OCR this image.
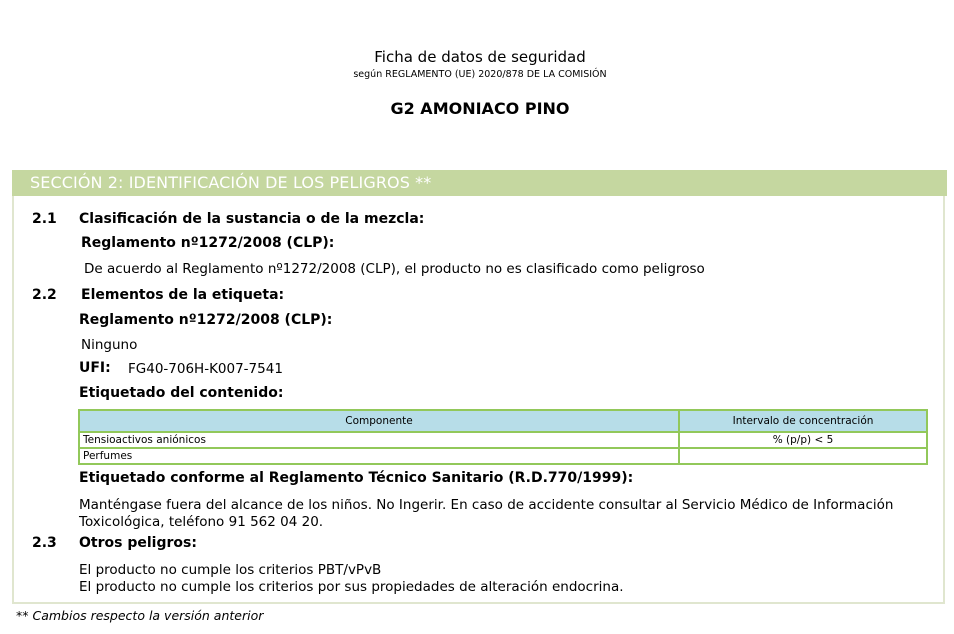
Ficha de datos de seguridad
según REGLAMENTO (UE) 2020/878 DE LA COMISIÓN
G2 AMONIACO PINO
SECCIÓN 2: IDENTIFICACIÓN DE LOS PELIGROS **
2.1 Clasificación de la sustancia o de la mezcla:
Reglamento nº1272/2008 (CLP):
De acuerdo al Reglamento nº1272/2008 (CLP), el producto no es clasificado como peligroso
2.2 Elementos de la etiqueta:
Reglamento nº1272/2008 (CLP):
Ninguno
UFI: FG40-706H-K007-7541
Etiquetado del contenido:
Componente	Intervalo de concentración
Tensioactivos aniónicos	% (p/p) < 5
Perfumes	
Etiquetado conforme al Reglamento Técnico Sanitario (R.D.770/1999):
Manténgase fuera del alcance de los niños. No Ingerir. En caso de accidente consultar al Servicio Médico de Información
Toxicológica, teléfono 91 562 04 20.
2.3 Otros peligros:
El producto no cumple los criterios PBT/vPvB
El producto no cumple los criterios por sus propiedades de alteración endocrina.
** Cambios respecto la versión anterior
